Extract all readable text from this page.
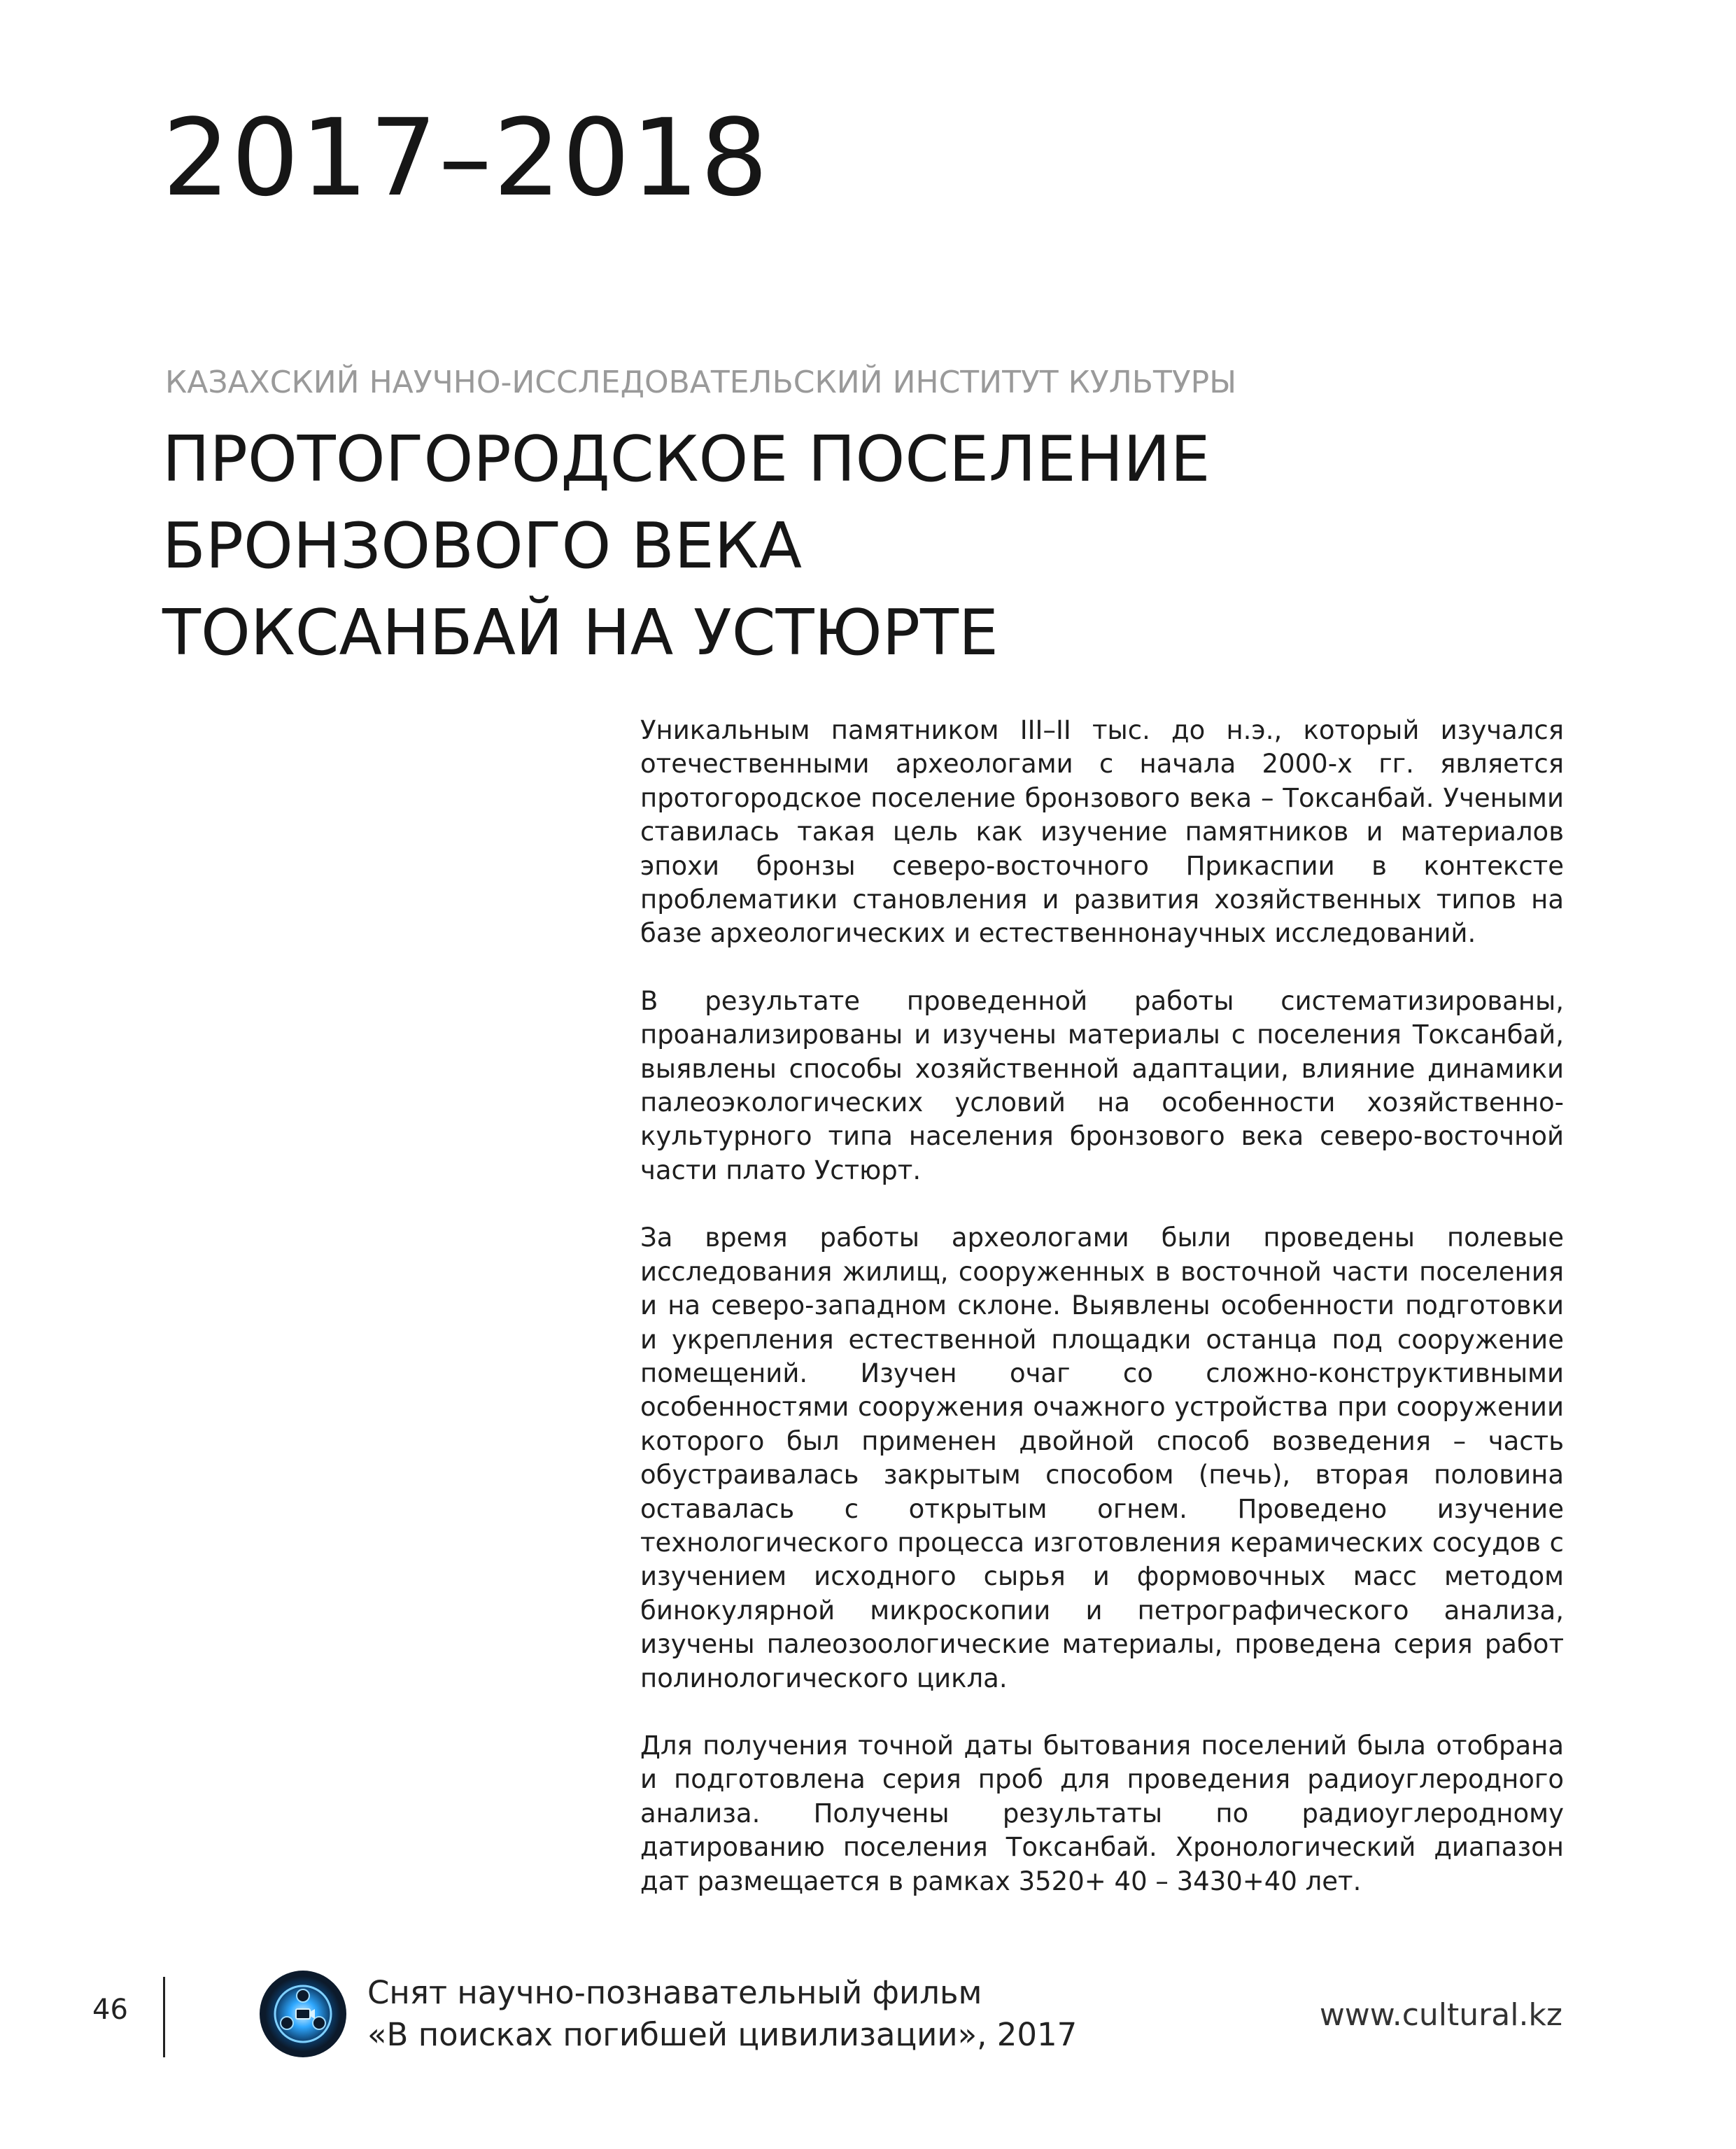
2017–2018
КАЗАХСКИЙ НАУЧНО-ИССЛЕДОВАТЕЛЬСКИЙ ИНСТИТУТ КУЛЬТУРЫ
ПРОТОГОРОДСКОЕ ПОСЕЛЕНИЕ
БРОНЗОВОГО ВЕКА
ТОКСАНБАЙ НА УСТЮРТЕ

Уникальным памятником III–II тыс. до н.э., который изучался отечественными археологами с начала 2000-х гг. является протогородское поселение бронзового века – Токсанбай. Учеными ставилась такая цель как изучение памятников и материалов эпохи бронзы северо-восточного Прикаспии в контексте проблематики становления и развития хозяйственных типов на базе археологических и естественнонаучных исследований.

В результате проведенной работы систематизированы, проанализированы и изучены материалы с поселения Токсанбай, выявлены способы хозяйственной адаптации, влияние динамики палеоэкологических условий на особенности хозяйственно-культурного типа населения бронзового века северо-восточной части плато Устюрт.

За время работы археологами были проведены полевые исследования жилищ, сооруженных в восточной части поселения и на северо-западном склоне. Выявлены особенности подготовки и укрепления естественной площадки останца под сооружение помещений. Изучен очаг со сложно-конструктивными особенностями сооружения очажного устройства при сооружении которого был применен двойной способ возведения – часть обустраивалась закрытым способом (печь), вторая половина оставалась с открытым огнем. Проведено изучение технологического процесса изготовления керамических сосудов с изучением исходного сырья и формовочных масс методом бинокулярной микроскопии и петрографического анализа, изучены палеозоологические материалы, проведена серия работ полинологического цикла.

Для получения точной даты бытования поселений была отобрана и подготовлена серия проб для проведения радиоуглеродного анализа. Получены результаты по радиоуглеродному датированию поселения Токсанбай. Хронологический диапазон дат размещается в рамках 3520+ 40 – 3430+40 лет.

46	Снят научно-познавательный фильм
«В поисках погибшей цивилизации», 2017
www.cultural.kz
